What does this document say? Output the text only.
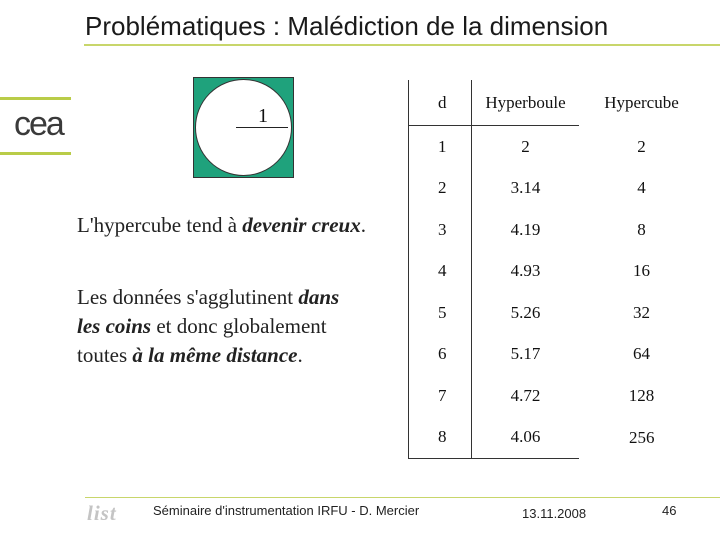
Problématiques : Malédiction de la dimension
cea	1
L'hypercube tend à devenir creux.
Les données s'agglutinent dans les coins et donc globalement toutes à la même distance.
d	Hyperboule	Hypercube
1	2	2
2	3.14	4
3	4.19	8
4	4.93	16
5	5.26	32
6	5.17	64
7	4.72	128
8	4.06	256
list	Séminaire d'instrumentation IRFU - D. Mercier	13.11.2008	46
